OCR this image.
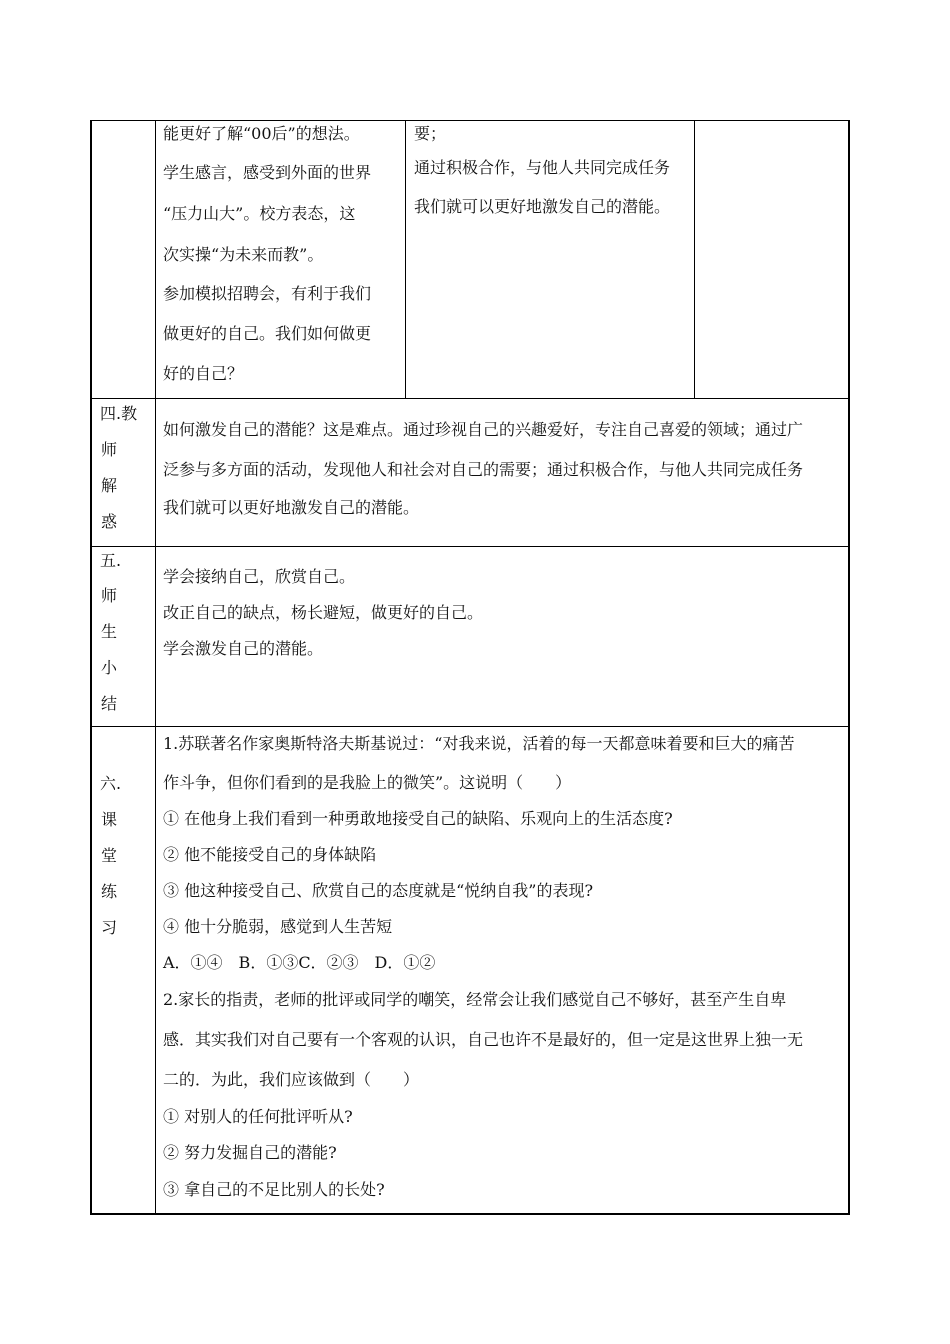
能更好了解“00后”的想法。
学生感言，感受到外面的世界
“压力山大”。校方表态，这
次实操“为未来而教”。
参加模拟招聘会，有利于我们
做更好的自己。我们如何做更
好的自己？
要；
通过积极合作，与他人共同完成任务
我们就可以更好地激发自己的潜能。
四.教
师
解
惑
如何激发自己的潜能？这是难点。通过珍视自己的兴趣爱好，专注自己喜爱的领域；通过广
泛参与多方面的活动，发现他人和社会对自己的需要；通过积极合作，与他人共同完成任务
我们就可以更好地激发自己的潜能。
五.
师
生
小
结
学会接纳自己，欣赏自己。
改正自己的缺点，杨长避短，做更好的自己。
学会激发自己的潜能。
六.
课
堂
练
习
1.苏联著名作家奥斯特洛夫斯基说过：“对我来说，活着的每一天都意味着要和巨大的痛苦
作斗争，但你们看到的是我脸上的微笑”。这说明（　　）
① 在他身上我们看到一种勇敢地接受自己的缺陷、乐观向上的生活态度?
② 他不能接受自己的身体缺陷
③ 他这种接受自己、欣赏自己的态度就是“悦纳自我”的表现?
④ 他十分脆弱，感觉到人生苦短
A．①④　B．①③C．②③　D．①②
2.家长的指责，老师的批评或同学的嘲笑，经常会让我们感觉自己不够好，甚至产生自卑
感．其实我们对自己要有一个客观的认识，自己也许不是最好的，但一定是这世界上独一无
二的．为此，我们应该做到（　　）
① 对别人的任何批评听从?
② 努力发掘自己的潜能?
③ 拿自己的不足比别人的长处?
